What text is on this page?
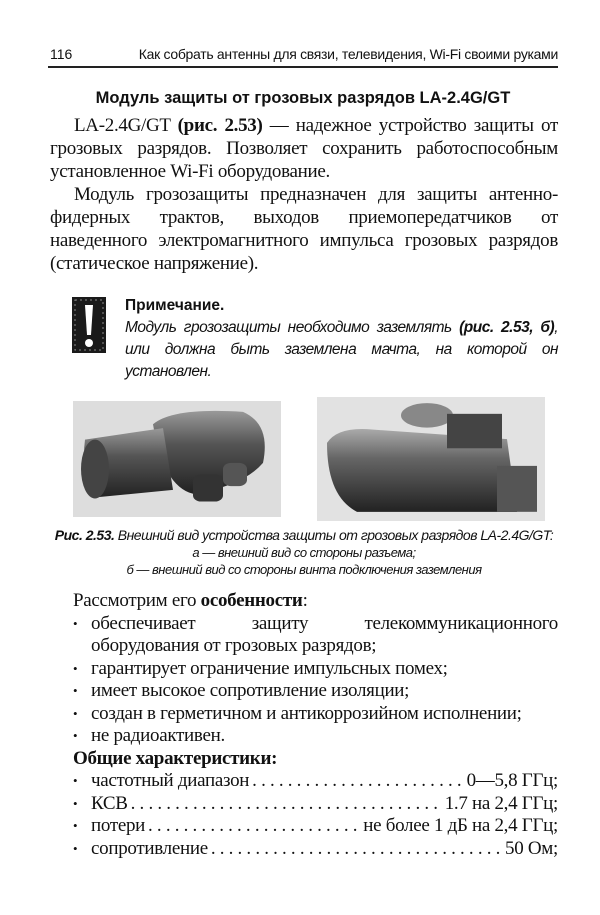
116	Как собрать антенны для связи, телевидения, Wi-Fi своими руками
Модуль защиты от грозовых разрядов LA-2.4G/GT
LA-2.4G/GT (рис. 2.53) — надежное устройство защиты от грозовых разрядов. Позволяет сохранить работоспособным установленное Wi-Fi оборудование.
Модуль грозозащиты предназначен для защиты антенно-фидерных трактов, выходов приемопередатчиков от наведенного электромагнитного импульса грозовых разрядов (статическое напряжение).
Примечание.
Модуль грозозащиты необходимо заземлять (рис. 2.53, б), или должна быть заземлена мачта, на которой он установлен.
Рис. 2.53. Внешний вид устройства защиты от грозовых разрядов LA-2.4G/GT:
а — внешний вид со стороны разъема;
б — внешний вид со стороны винта подключения заземления
Рассмотрим его особенности:
• обеспечивает защиту телекоммуникационного оборудования от грозовых разрядов;
• гарантирует ограничение импульсных помех;
• имеет высокое сопротивление изоляции;
• создан в герметичном и антикоррозийном исполнении;
• не радиоактивен.
Общие характеристики:
• частотный диапазон . . .	0—5,8 ГГц;
• КСВ . . .	1.7 на 2,4 ГГц;
• потери . . .	не более 1 дБ на 2,4 ГГц;
• сопротивление . . .	50 Ом;
